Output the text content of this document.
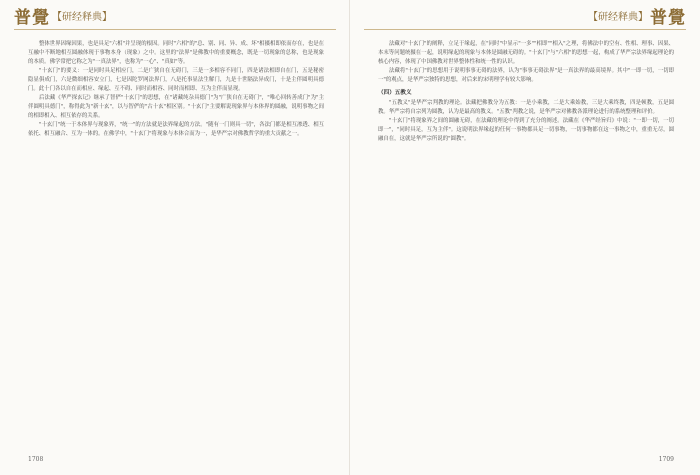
普覺 【研经释典】

整体世界因缘因果，也是具足"六相"并呈现的根因。同时"六相"的"总、别、同、异、成、坏"相摄相即依而存在，也是在互融中不断地相互圆融体现于事物本身（现象）之中。这里的"法界"是佛教中的重要概念，既是一切现象的总称，也是现象的本质。佛学常把它称之为"一真法界"，也称为"一心"、"真如"等。

"十玄门"的要义：一是同时具足相应门，二是广狭自在无碍门，三是一多相容不同门，四是诸法相即自在门，五是秘密隐显俱成门，六是微细相容安立门，七是因陀罗网法界门，八是托事显法生解门，九是十世隔法异成门，十是主伴圆明具德门。此十门各以自在而相应、缘起、互不碍、同时而相容、同时而相即、互为主伴而显现。

后法藏《华严探玄记》继承了智俨"十玄门"的思想，在"诸藏纯杂具德门"为"广狭自在无碍门"，"唯心回转善成门"为"主伴圆明具德门"，称得此为"新十玄"，以与智俨的"古十玄"相区别。"十玄门"主要解说现象界与本体界的圆融，说明事物之间的相即相入、相互依存的关系。

"十玄门"统一于本体界与现象界，"统一"的方法就是法界缘起的方法。"随有一门则具一切"，各法门都是相互渗透、相互依托、相互融合、互为一体的。在佛学中，"十玄门"将现象与本体合而为一，是华严宗对佛教哲学的重大贡献之一。

1708
【研经释典】 普覺

法藏对"十玄门"的阐释，立足于缘起，在"同时"中显示"一多""相即""相入"之理，将佛法中的空有、性相、理事、因果、本末等问题统摄在一起，说明缘起的现象与本体是圆融无碍的。"十玄门"与"六相"的思想一起，构成了华严宗法界缘起理论的核心内容，体现了中国佛教对世界整体性和统一性的认识。

法藏将"十玄门"的思想用于说明事事无碍的法界，认为"事事无碍法界"是一真法界的最高境界。其中"一即一切，一切即一"的观点，是华严宗独特的思想，对后来的宋明理学有较大影响。

（四）五教义

"五教义"是华严宗判教的理论。法藏把佛教分为五教：一是小乘教，二是大乘始教，三是大乘终教，四是顿教，五是圆教。华严宗将自宗列为圆教，认为是最高的教义。"五教"判教之说，是华严宗对佛教各派理论进行的系统整理和评价。

"十玄门"将现象界之间的圆融无碍，在法藏的理论中得到了充分的阐述。法藏在《华严经旨归》中说："一即一切，一切即一"，"同时具足，互为主伴"。这说明法界缘起的任何一事物都具足一切事物，一切事物都在这一事物之中，重重无尽，圆融自在，这就是华严宗所说的"圆教"。

1709
